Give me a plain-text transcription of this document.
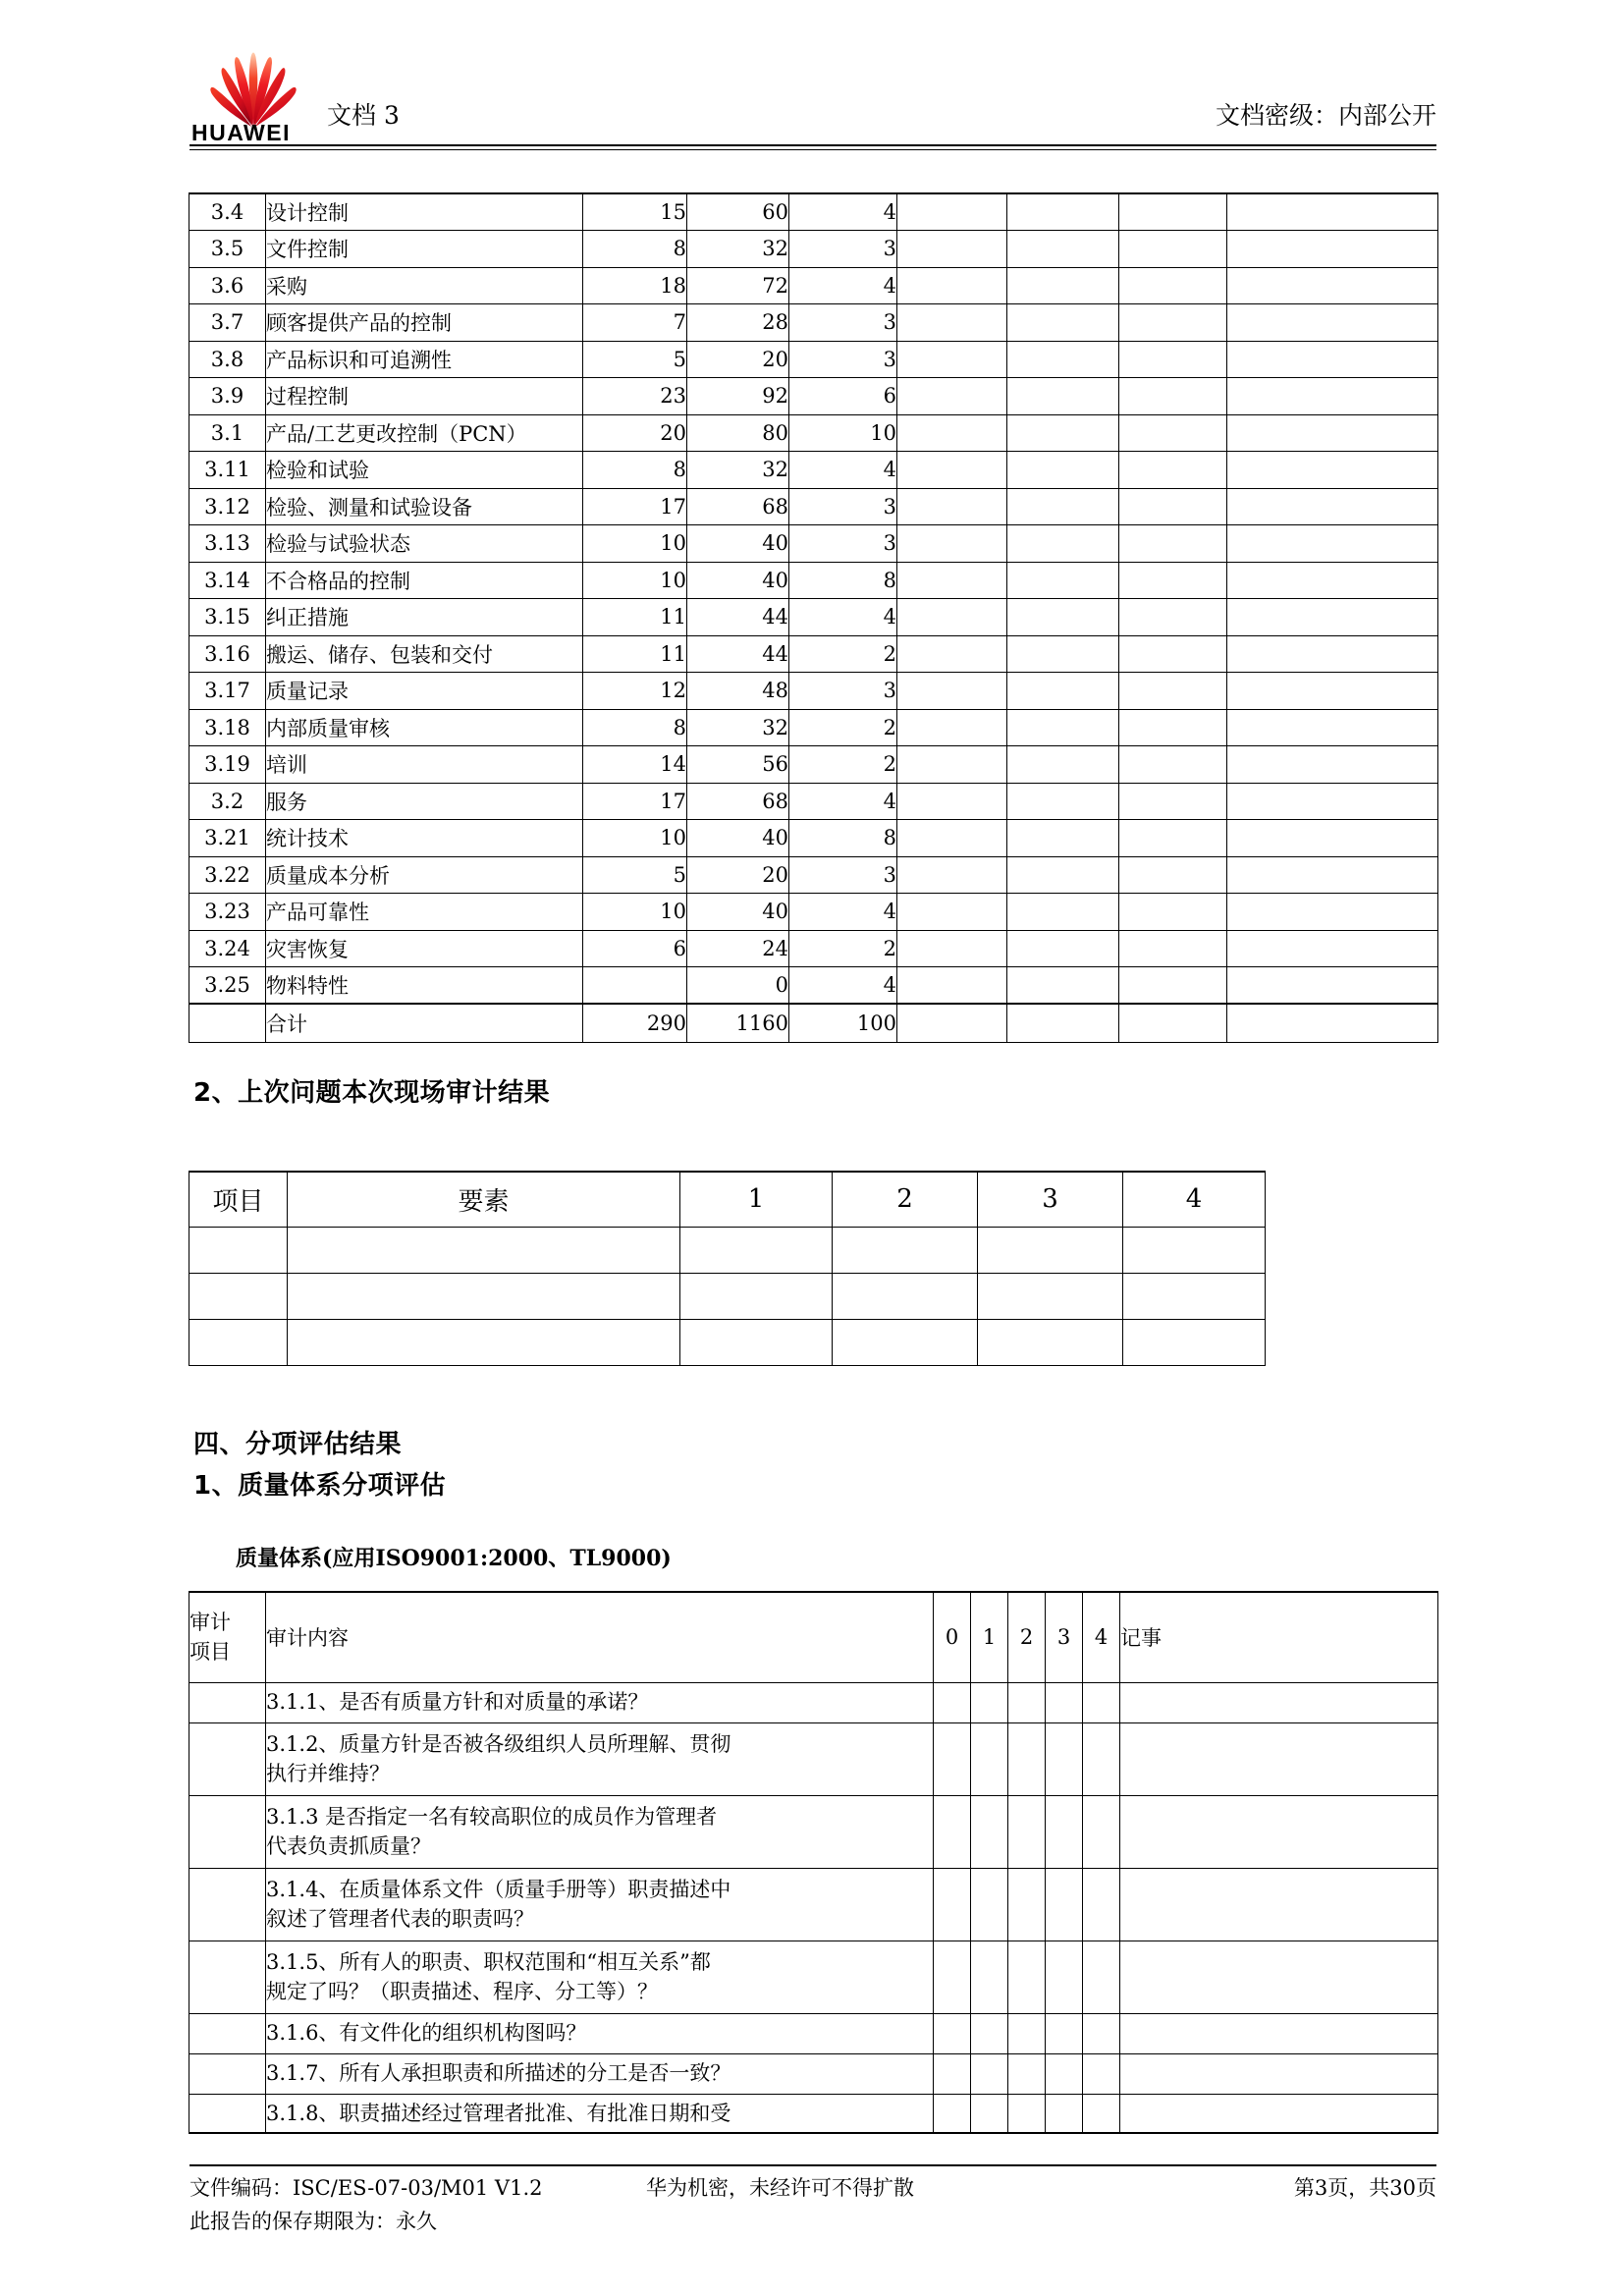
HUAWEI
文档 3	文档密级：内部公开
3.4	设计控制	15	60	4				
3.5	文件控制	8	32	3				
3.6	采购	18	72	4				
3.7	顾客提供产品的控制	7	28	3				
3.8	产品标识和可追溯性	5	20	3				
3.9	过程控制	23	92	6				
3.1	产品/工艺更改控制（PCN）	20	80	10				
3.11	检验和试验	8	32	4				
3.12	检验、测量和试验设备	17	68	3				
3.13	检验与试验状态	10	40	3				
3.14	不合格品的控制	10	40	8				
3.15	纠正措施	11	44	4				
3.16	搬运、储存、包装和交付	11	44	2				
3.17	质量记录	12	48	3				
3.18	内部质量审核	8	32	2				
3.19	培训	14	56	2				
3.2	服务	17	68	4				
3.21	统计技术	10	40	8				
3.22	质量成本分析	5	20	3				
3.23	产品可靠性	10	40	4				
3.24	灾害恢复	6	24	2				
3.25	物料特性		0	4				
	合计	290	1160	100				
2、上次问题本次现场审计结果
项目	要素	1	2	3	4

四、分项评估结果
1、质量体系分项评估
质量体系(应用ISO9001:2000、TL9000)
审计
项目	审计内容	0	1	2	3	4	记事

	3.1.1、是否有质量方针和对质量的承诺？						

	3.1.2、质量方针是否被各级组织人员所理解、贯彻
执行并维持？						

	3.1.3 是否指定一名有较高职位的成员作为管理者
代表负责抓质量？						

	3.1.4、在质量体系文件（质量手册等）职责描述中
叙述了管理者代表的职责吗？						

	3.1.5、所有人的职责、职权范围和“相互关系”都
规定了吗？（职责描述、程序、分工等）？						

	3.1.6、有文件化的组织机构图吗？						

	3.1.7、所有人承担职责和所描述的分工是否一致？						

	3.1.8、职责描述经过管理者批准、有批准日期和受						

文件编码：ISC/ES-07-03/M01 V1.2	华为机密，未经许可不得扩散	第3页，共30页
此报告的保存期限为：永久
